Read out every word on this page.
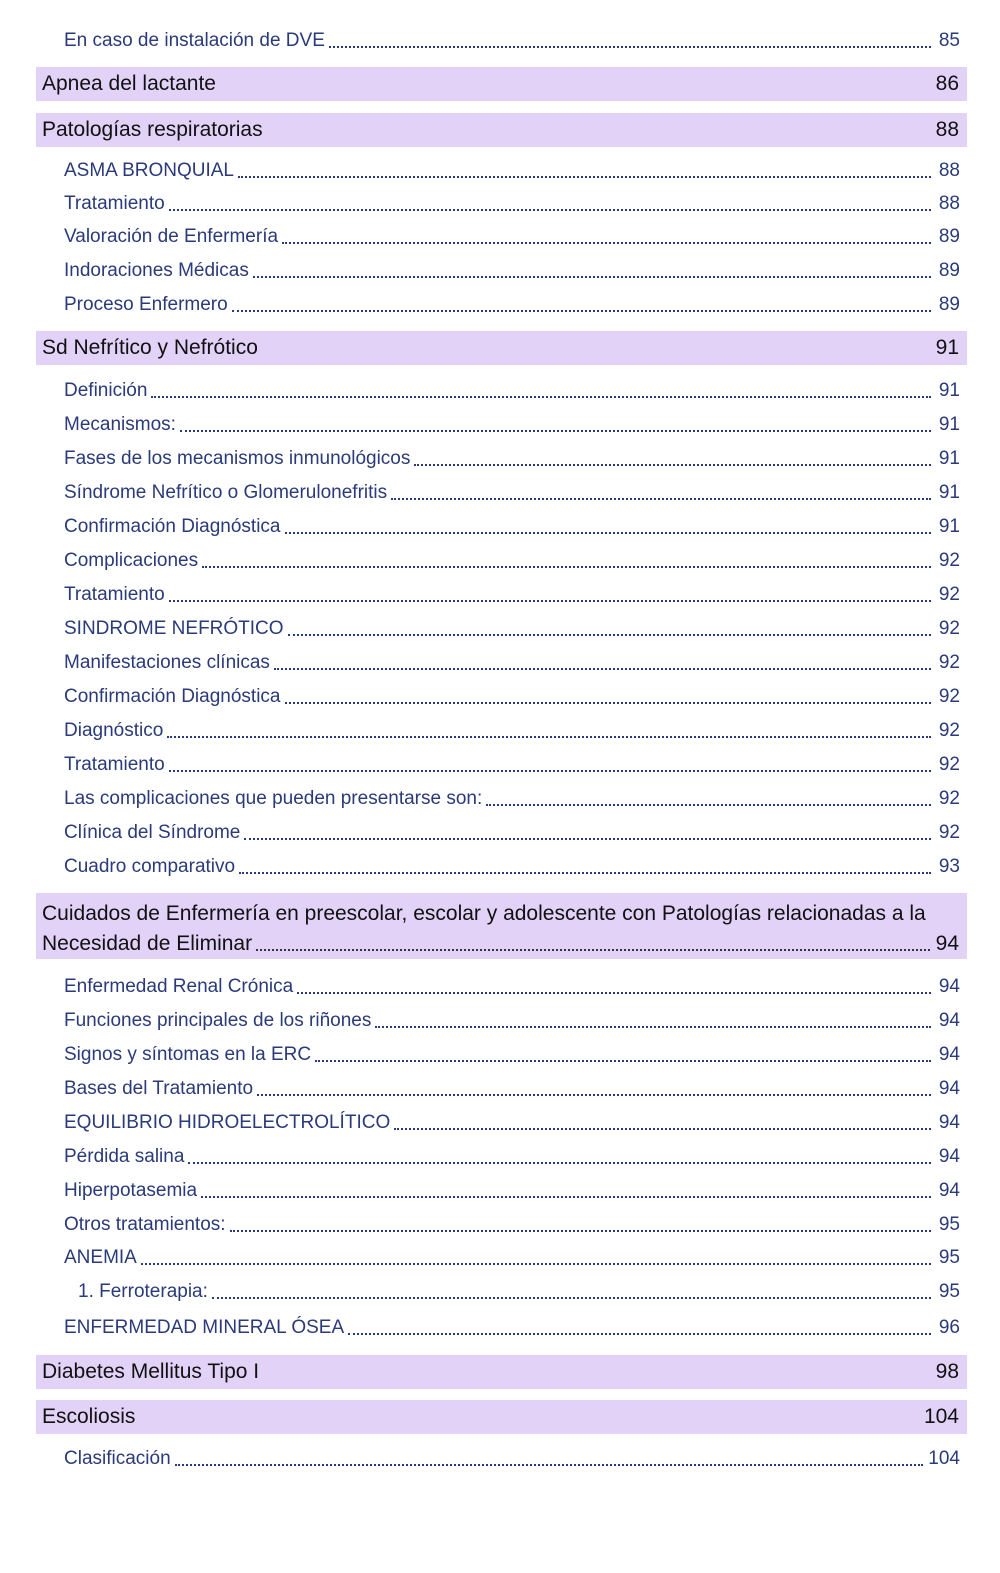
En caso de instalación de DVE	85
Apnea del lactante	86
Patologías respiratorias	88
ASMA BRONQUIAL	88
Tratamiento	88
Valoración de Enfermería	89
Indoraciones Médicas	89
Proceso Enfermero	89
Sd Nefrítico y Nefrótico	91
Definición	91
Mecanismos:	91
Fases de los mecanismos inmunológicos	91
Síndrome Nefrítico o Glomerulonefritis	91
Confirmación Diagnóstica	91
Complicaciones	92
Tratamiento	92
SINDROME NEFRÓTICO	92
Manifestaciones clínicas	92
Confirmación Diagnóstica	92
Diagnóstico	92
Tratamiento	92
Las complicaciones que pueden presentarse son:	92
Clínica del Síndrome	92
Cuadro comparativo	93
Cuidados de Enfermería en preescolar, escolar y adolescente con Patologías relacionadas a la
Necesidad de Eliminar	94
Enfermedad Renal Crónica	94
Funciones principales de los riñones	94
Signos y síntomas en la ERC	94
Bases del Tratamiento	94
EQUILIBRIO HIDROELECTROLÍTICO	94
Pérdida salina	94
Hiperpotasemia	94
Otros tratamientos:	95
ANEMIA	95
1. Ferroterapia:	95
ENFERMEDAD MINERAL ÓSEA	96
Diabetes Mellitus Tipo I	98
Escoliosis	104
Clasificación	104
